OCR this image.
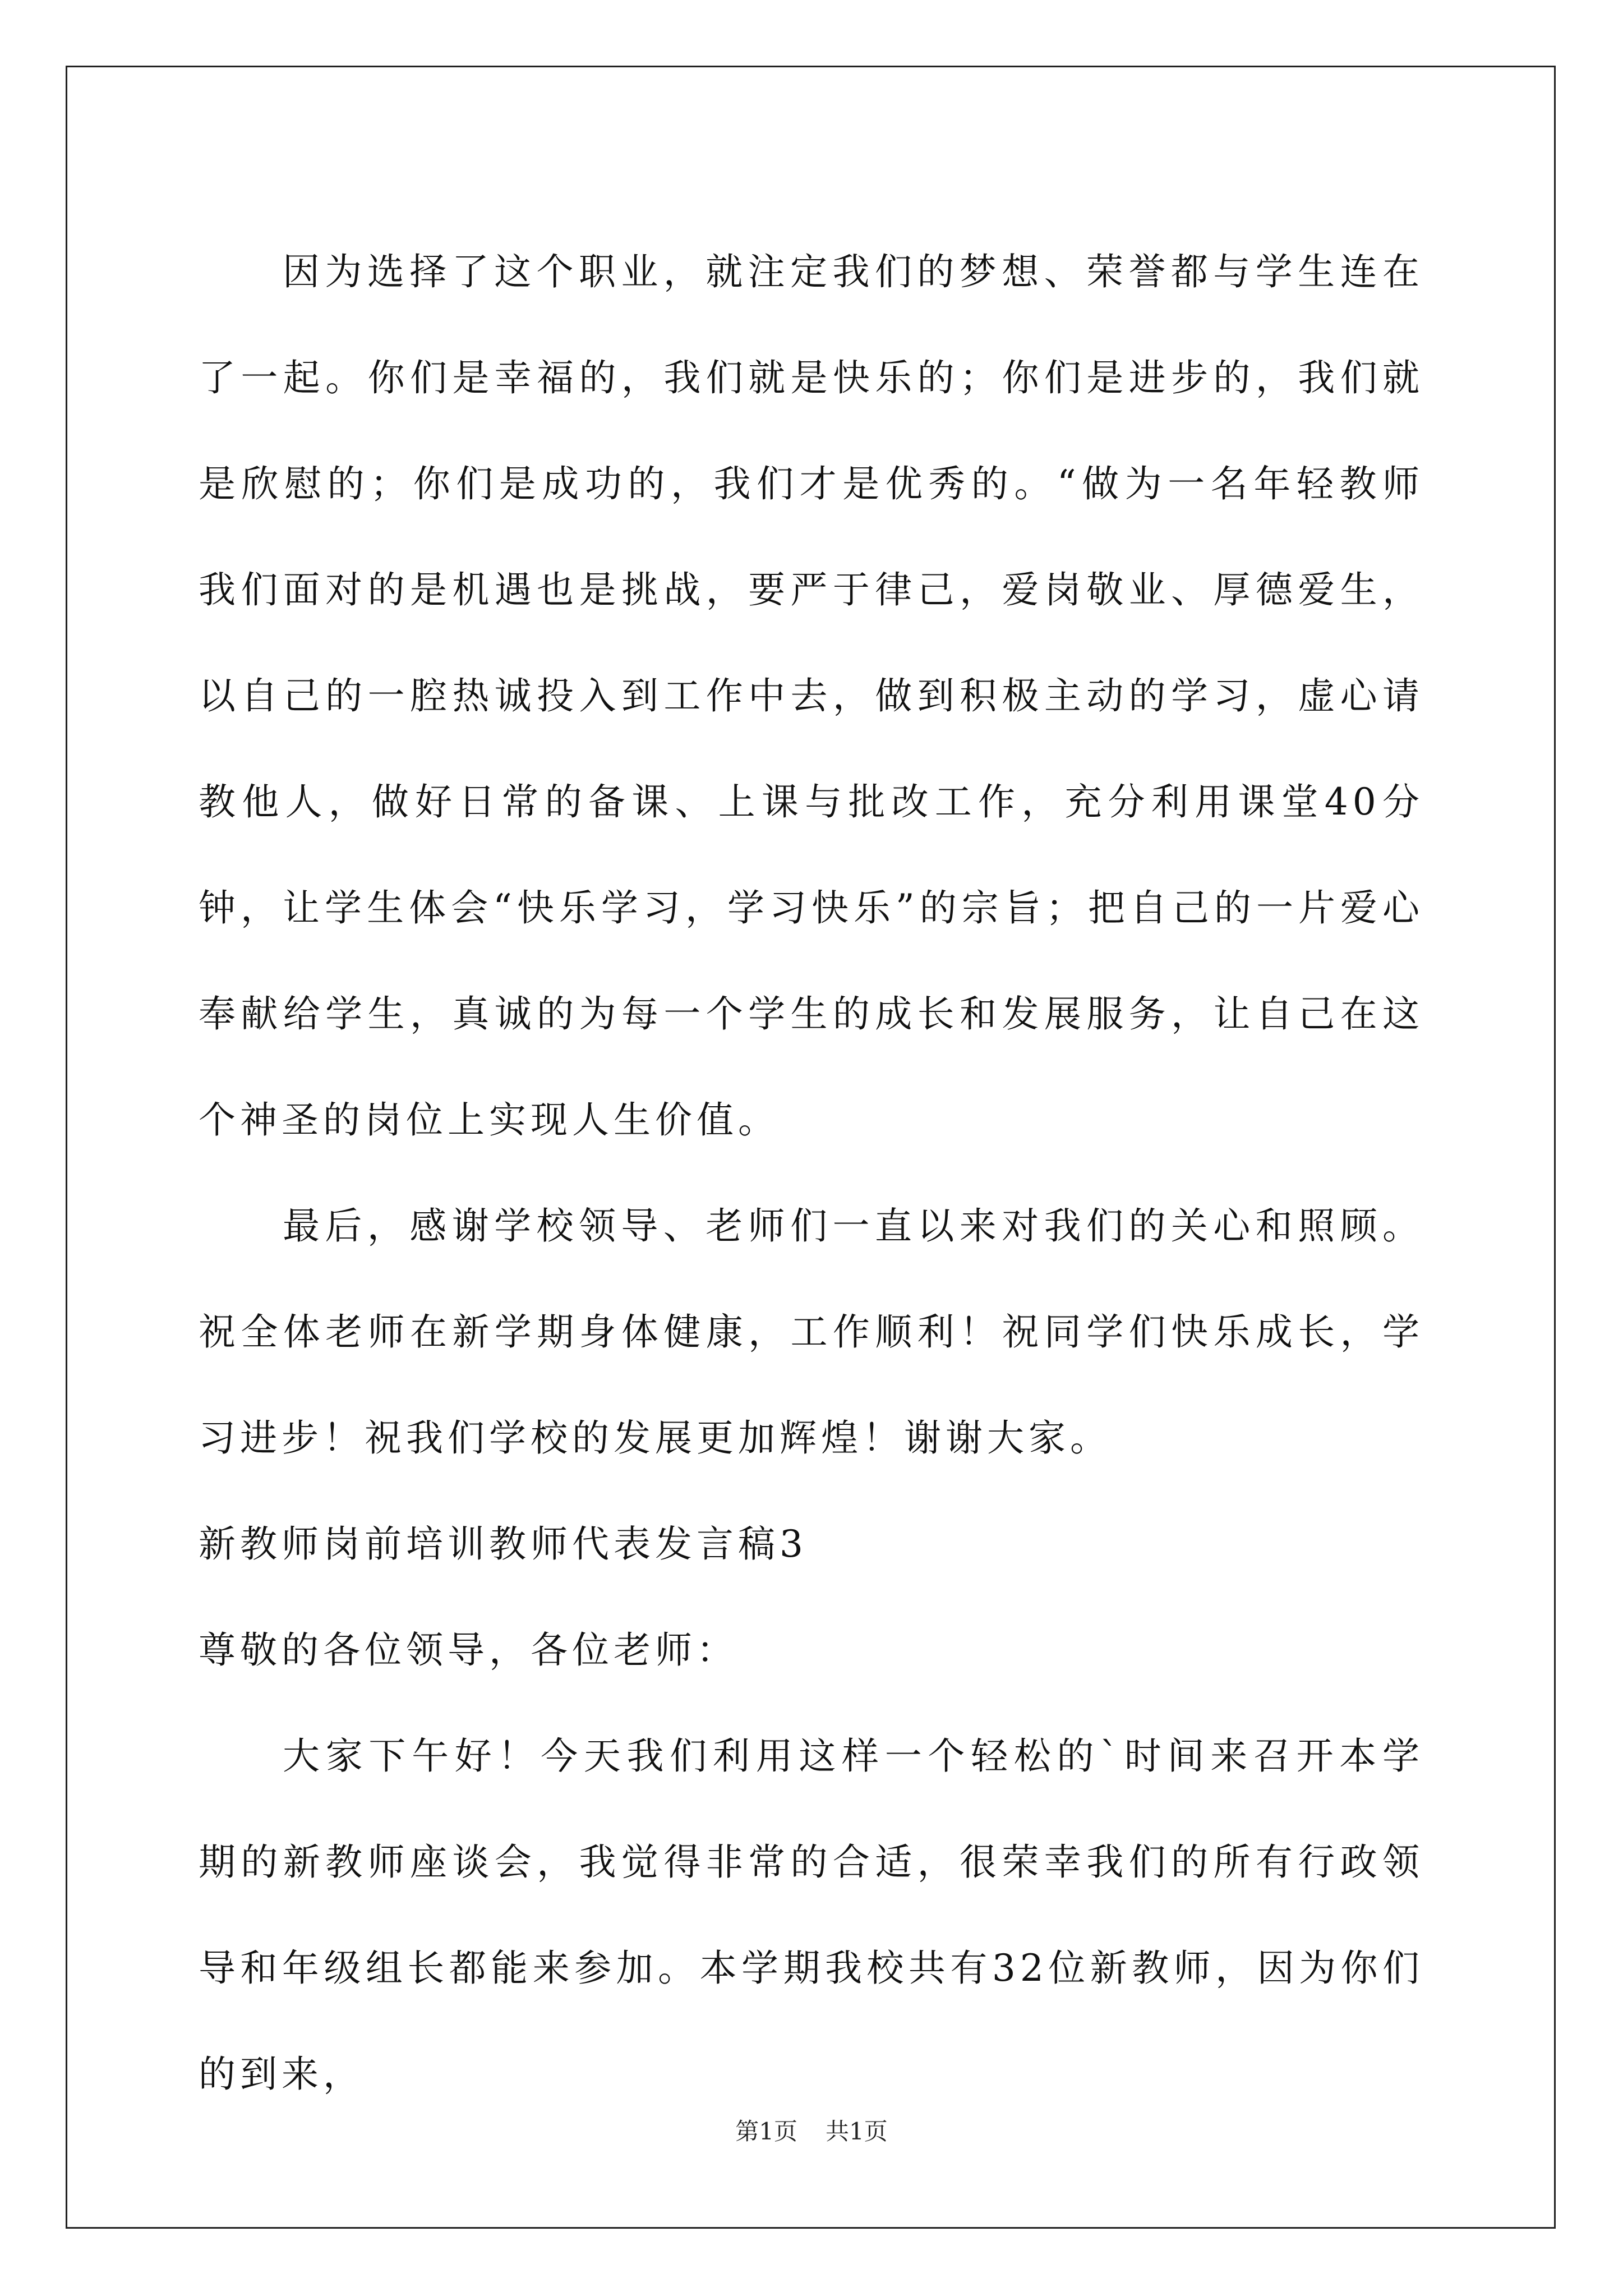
因为选择了这个职业，就注定我们的梦想、荣誉都与学生连在了一起。你们是幸福的，我们就是快乐的；你们是进步的，我们就是欣慰的；你们是成功的，我们才是优秀的。“做为一名年轻教师我们面对的是机遇也是挑战，要严于律己，爱岗敬业、厚德爱生，以自己的一腔热诚投入到工作中去，做到积极主动的学习，虚心请教他人，做好日常的备课、上课与批改工作，充分利用课堂40分钟，让学生体会“快乐学习，学习快乐”的宗旨；把自己的一片爱心奉献给学生，真诚的为每一个学生的成长和发展服务，让自己在这个神圣的岗位上实现人生价值。

最后，感谢学校领导、老师们一直以来对我们的关心和照顾。祝全体老师在新学期身体健康，工作顺利！祝同学们快乐成长，学习进步！祝我们学校的发展更加辉煌！谢谢大家。

新教师岗前培训教师代表发言稿3

尊敬的各位领导，各位老师：

大家下午好！今天我们利用这样一个轻松的`时间来召开本学期的新教师座谈会，我觉得非常的合适，很荣幸我们的所有行政领导和年级组长都能来参加。本学期我校共有32位新教师，因为你们的到来，

第1页 共1页
